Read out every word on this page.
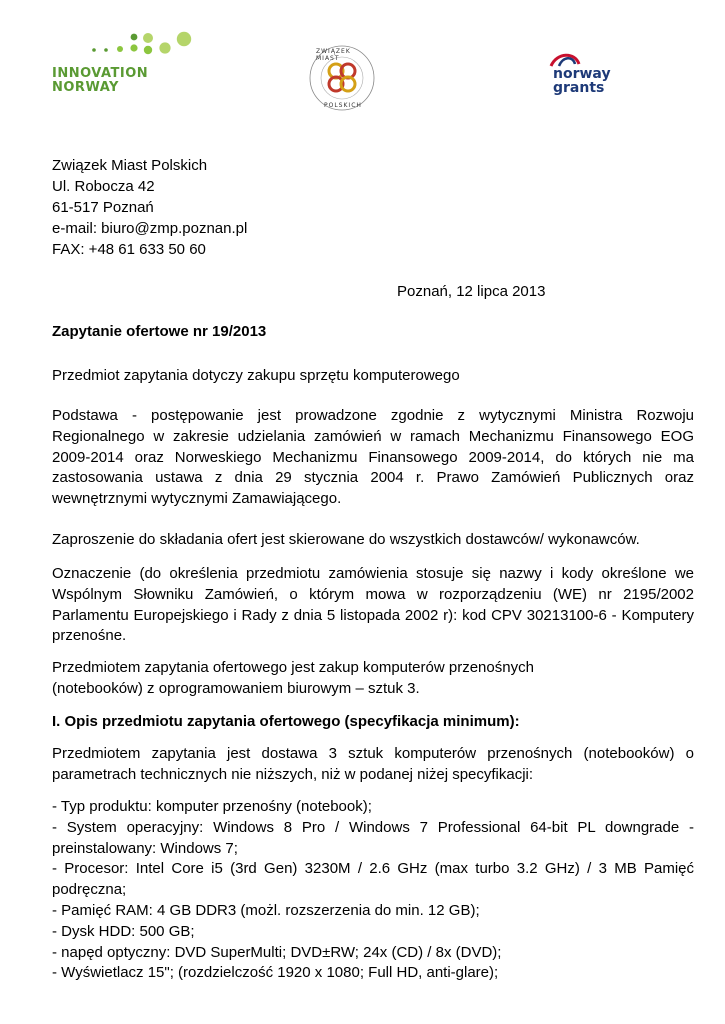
INNOVATION
NORWAY
ZWIĄZEK MIAST
POLSKICH
norway
grants
Związek Miast Polskich
Ul. Robocza 42
61-517 Poznań
e-mail: biuro@zmp.poznan.pl
FAX: +48 61 633 50 60
Poznań, 12 lipca 2013
Zapytanie ofertowe nr 19/2013
Przedmiot zapytania dotyczy zakupu sprzętu komputerowego
Podstawa - postępowanie jest prowadzone zgodnie z wytycznymi Ministra Rozwoju Regionalnego w zakresie udzielania zamówień w ramach Mechanizmu Finansowego EOG 2009-2014 oraz Norweskiego Mechanizmu Finansowego 2009-2014, do których nie ma zastosowania ustawa z dnia 29 stycznia 2004 r. Prawo Zamówień Publicznych oraz wewnętrznymi wytycznymi Zamawiającego.
Zaproszenie do składania ofert jest skierowane do wszystkich dostawców/ wykonawców.
Oznaczenie (do określenia przedmiotu zamówienia stosuje się nazwy i kody określone we Wspólnym Słowniku Zamówień, o którym mowa w rozporządzeniu (WE) nr 2195/2002 Parlamentu Europejskiego i Rady z dnia 5 listopada 2002 r): kod CPV 30213100-6 - Komputery przenośne.
Przedmiotem zapytania ofertowego jest zakup komputerów przenośnych
(notebooków) z oprogramowaniem biurowym – sztuk 3.
I. Opis przedmiotu zapytania ofertowego (specyfikacja minimum):
Przedmiotem zapytania jest dostawa 3 sztuk komputerów przenośnych (notebooków) o parametrach technicznych nie niższych, niż w podanej niżej specyfikacji:
- Typ produktu: komputer przenośny (notebook);
- System operacyjny: Windows 8 Pro / Windows 7 Professional 64-bit PL downgrade - preinstalowany: Windows 7;
- Procesor: Intel Core i5 (3rd Gen) 3230M / 2.6 GHz (max turbo 3.2 GHz) / 3 MB Pamięć podręczna;
- Pamięć RAM: 4 GB DDR3 (możl. rozszerzenia do min. 12 GB);
- Dysk HDD: 500 GB;
- napęd optyczny: DVD SuperMulti; DVD±RW; 24x (CD) / 8x (DVD);
- Wyświetlacz 15"; (rozdzielczość 1920 x 1080; Full HD, anti-glare);
